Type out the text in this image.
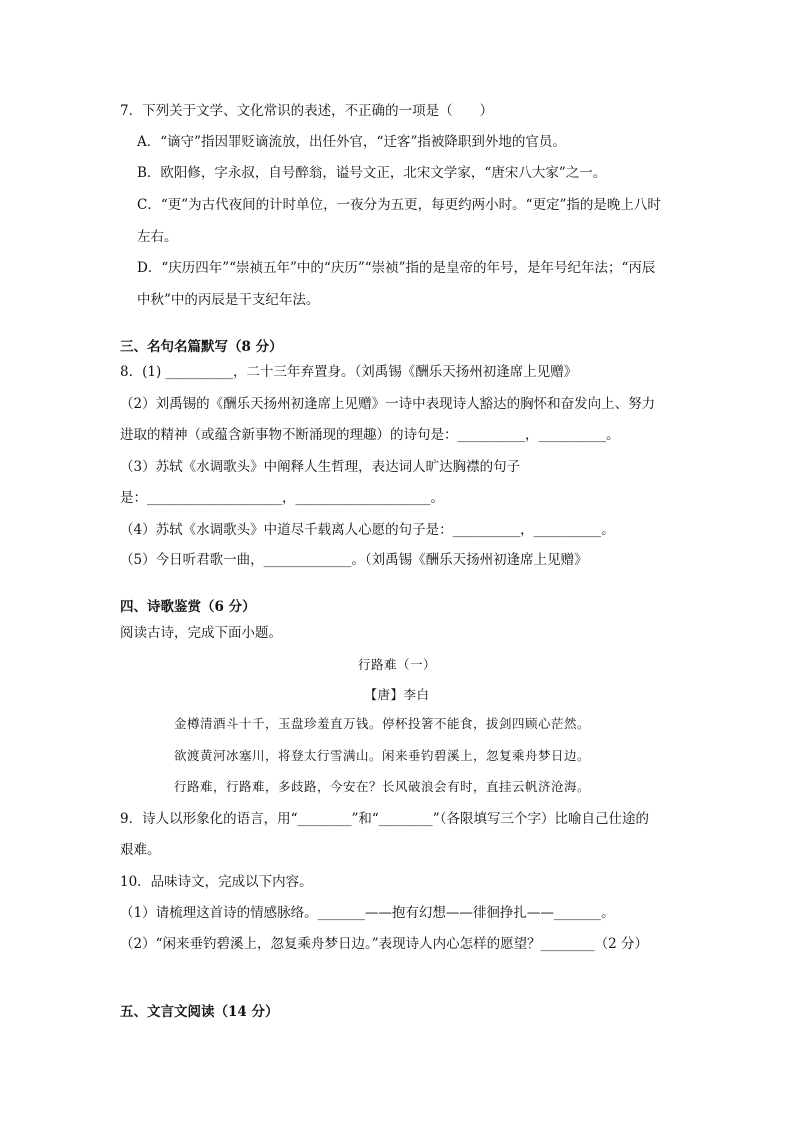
7．下列关于文学、文化常识的表述，不正确的一项是（　　）
A．“谪守”指因罪贬谪流放，出任外官，“迁客”指被降职到外地的官员。
B．欧阳修，字永叔，自号醉翁，谥号文正，北宋文学家，“唐宋八大家”之一。
C．“更”为古代夜间的计时单位，一夜分为五更，每更约两小时。“更定”指的是晚上八时
左右。
D．“庆历四年”“崇祯五年”中的“庆历”“崇祯”指的是皇帝的年号，是年号纪年法；“丙辰
中秋”中的丙辰是干支纪年法。
三、名句名篇默写（8 分）
8．(1) __________，二十三年弃置身。（刘禹锡《酬乐天扬州初逢席上见赠》
（2）刘禹锡的《酬乐天扬州初逢席上见赠》一诗中表现诗人豁达的胸怀和奋发向上、努力
进取的精神（或蕴含新事物不断涌现的理趣）的诗句是：__________，__________。
（3）苏轼《水调歌头》中阐释人生哲理，表达词人旷达胸襟的句子
是：____________________，____________________。
（4）苏轼《水调歌头》中道尽千载离人心愿的句子是：__________，__________。
（5）今日听君歌一曲，_____________。（刘禹锡《酬乐天扬州初逢席上见赠》
四、诗歌鉴赏（6 分）
阅读古诗，完成下面小题。
行路难（一）
【唐】李白
金樽清酒斗十千，玉盘珍羞直万钱。停杯投箸不能食，拔剑四顾心茫然。
欲渡黄河冰塞川，将登太行雪满山。闲来垂钓碧溪上，忽复乘舟梦日边。
行路难，行路难，多歧路，今安在？长风破浪会有时，直挂云帆济沧海。
9．诗人以形象化的语言，用“________”和“________”（各限填写三个字）比喻自己仕途的
艰难。
10．品味诗文，完成以下内容。
（1）请梳理这首诗的情感脉络。_______——抱有幻想——徘徊挣扎——_______。
（2）“闲来垂钓碧溪上，忽复乘舟梦日边。”表现诗人内心怎样的愿望？________（2 分）
五、文言文阅读（14 分）
